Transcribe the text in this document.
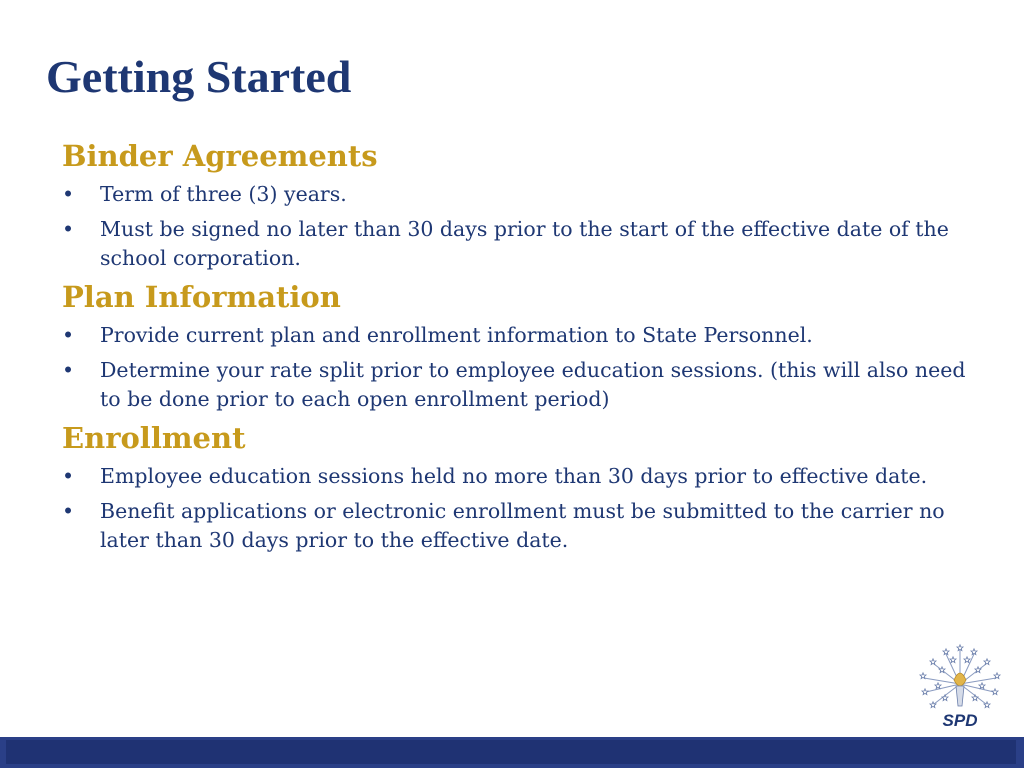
Getting Started
Binder Agreements
• Term of three (3) years.
• Must be signed no later than 30 days prior to the start of the effective date of the school corporation.
Plan Information
• Provide current plan and enrollment information to State Personnel.
• Determine your rate split prior to employee education sessions. (this will also need to be done prior to each open enrollment period)
Enrollment
• Employee education sessions held no more than 30 days prior to effective date.
• Benefit applications or electronic enrollment must be submitted to the carrier no later than 30 days prior to the effective date.
SPD
